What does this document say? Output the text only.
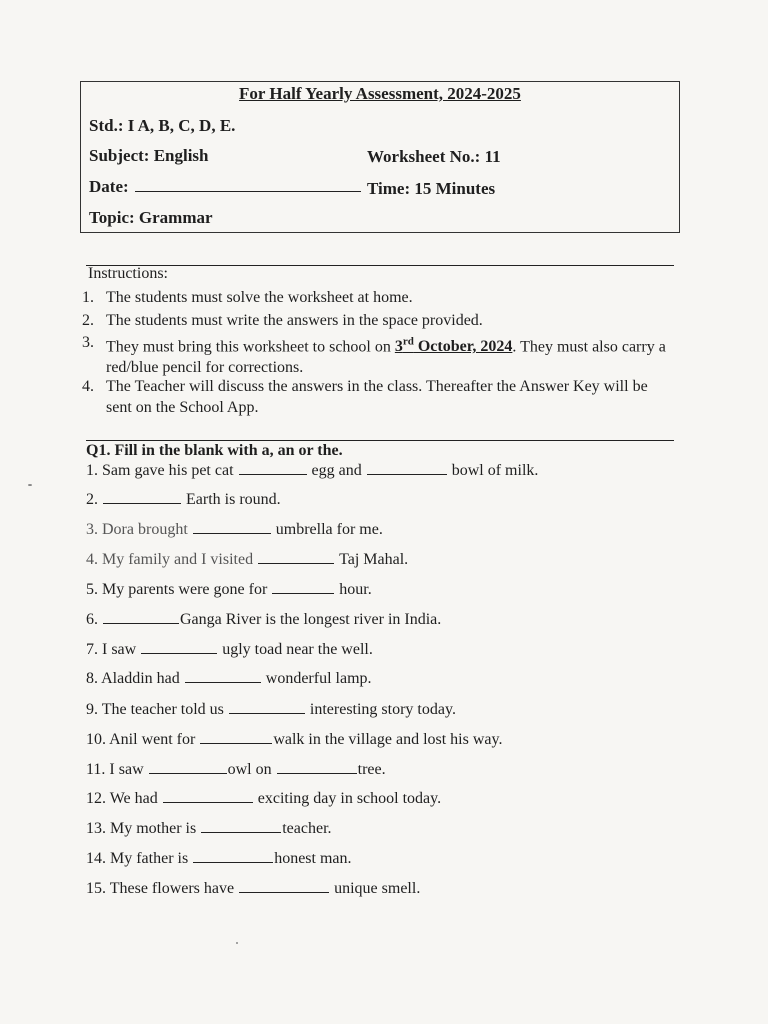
For Half Yearly Assessment, 2024-2025
Std.: I A, B, C, D, E.
Subject: English	Worksheet No.: 11
Date:	Time: 15 Minutes
Topic: Grammar
Instructions:
1. The students must solve the worksheet at home.
2. The students must write the answers in the space provided.
3. They must bring this worksheet to school on 3rd October, 2024. They must also carry a red/blue pencil for corrections.
4. The Teacher will discuss the answers in the class. Thereafter the Answer Key will be sent on the School App.
Q1. Fill in the blank with a, an or the.
1. Sam gave his pet cat	egg and	bowl of milk.
2.	Earth is round.
3. Dora brought	umbrella for me.
4. My family and I visited	Taj Mahal.
5. My parents were gone for	hour.
6.	Ganga River is the longest river in India.
7. I saw	ugly toad near the well.
8. Aladdin had	wonderful lamp.
9. The teacher told us	interesting story today.
10. Anil went for	walk in the village and lost his way.
11. I saw	owl on	tree.
12. We had	exciting day in school today.
13. My mother is	teacher.
14. My father is	honest man.
15. These flowers have	unique smell.
